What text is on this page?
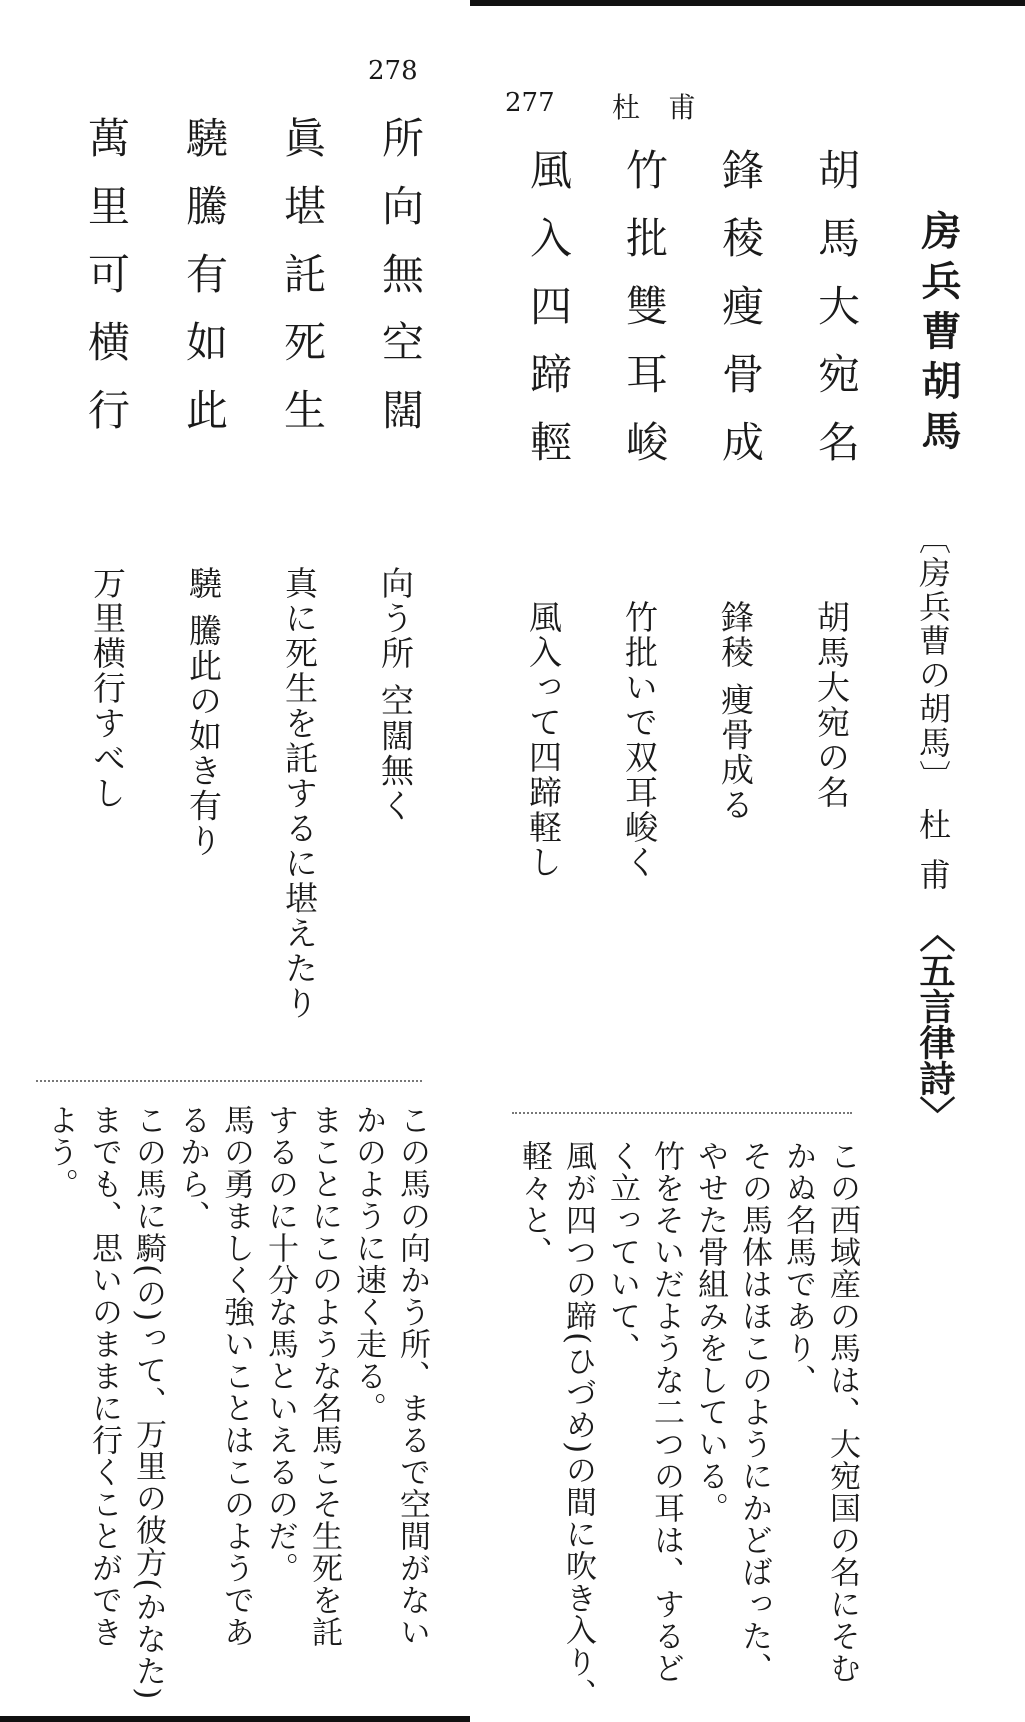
277
278
杜甫
房兵曹胡馬
〔房兵曹の胡馬〕
杜甫
〈五言律詩〉
胡馬大宛名
鋒稜瘦骨成
竹批雙耳峻
風入四蹄輕
所向無空闊
眞堪託死生
驍騰有如此
萬里可横行
胡馬大宛の名
鋒稜 痩骨成る
竹批いで双耳峻く
風入って四蹄軽し
向う所 空闊無く
真に死生を託するに堪えたり
驍 騰此の如き有り
万里横行すべし
この西域産の馬は、大宛国の名にそむ
かぬ名馬であり、
その馬体はほこのようにかどばった、
やせた骨組みをしている。
竹をそいだような二つの耳は、するど
く立っていて、
風が四つの蹄(ひづめ)の間に吹き入り、
軽々と、
この馬の向かう所、まるで空間がない
かのように速く走る。
まことにこのような名馬こそ生死を託
するのに十分な馬といえるのだ。
馬の勇ましく強いことはこのようであ
るから、
この馬に騎(の)って、万里の彼方(かなた)
までも、思いのままに行くことができ
よう。
